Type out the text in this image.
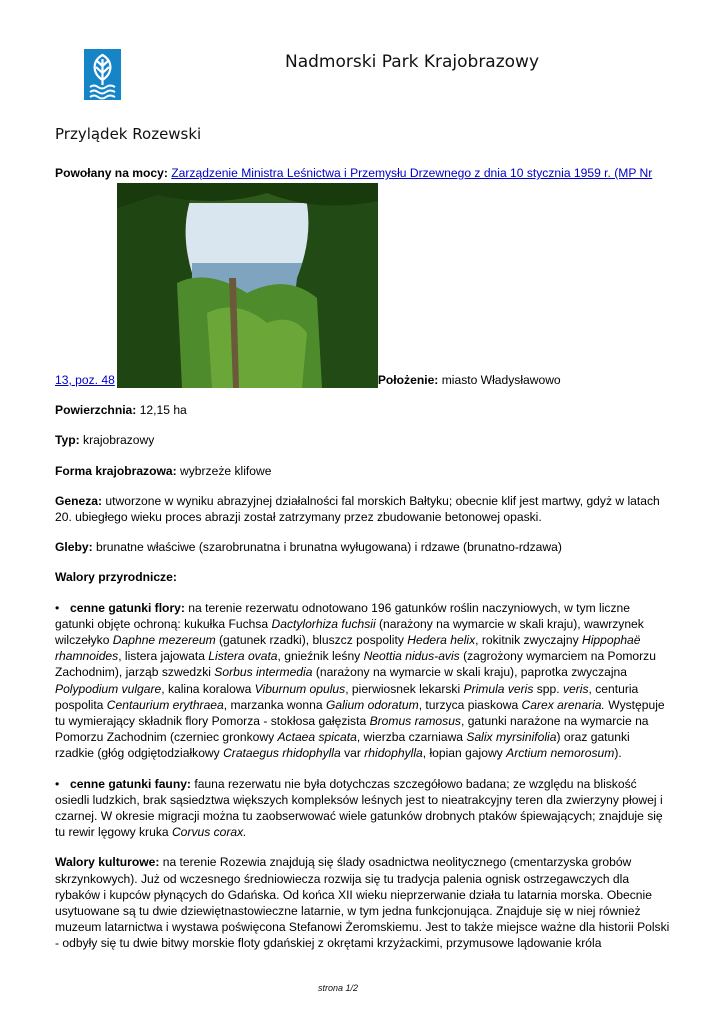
Nadmorski Park Krajobrazowy
Przylądek Rozewski

Powołany na mocy: Zarządzenie Ministra Leśnictwa i Przemysłu Drzewnego z dnia 10 stycznia 1959 r. (MP Nr

13, poz. 48	Położenie: miasto Władysławowo

Powierzchnia: 12,15 ha

Typ: krajobrazowy

Forma krajobrazowa: wybrzeże klifowe

Geneza: utworzone w wyniku abrazyjnej działalności fal morskich Bałtyku; obecnie klif jest martwy, gdyż w latach 20. ubiegłego wieku proces abrazji został zatrzymany przez zbudowanie betonowej opaski.

Gleby: brunatne właściwe (szarobrunatna i brunatna wyługowana) i rdzawe (brunatno-rdzawa)

Walory przyrodnicze:

• cenne gatunki flory: na terenie rezerwatu odnotowano 196 gatunków roślin naczyniowych, w tym liczne gatunki objęte ochroną: kukułka Fuchsa Dactylorhiza fuchsii (narażony na wymarcie w skali kraju), wawrzynek wilczełyko Daphne mezereum (gatunek rzadki), bluszcz pospolity Hedera helix, rokitnik zwyczajny Hippophaë rhamnoides, listera jajowata Listera ovata, gnieźnik leśny Neottia nidus-avis (zagrożony wymarciem na Pomorzu Zachodnim), jarząb szwedzki Sorbus intermedia (narażony na wymarcie w skali kraju), paprotka zwyczajna Polypodium vulgare, kalina koralowa Viburnum opulus, pierwiosnek lekarski Primula veris spp. veris, centuria pospolita Centaurium erythraea, marzanka wonna Galium odoratum, turzyca piaskowa Carex arenaria. Występuje tu wymierający składnik flory Pomorza - stokłosa gałęzista Bromus ramosus, gatunki narażone na wymarcie na Pomorzu Zachodnim (czerniec gronkowy Actaea spicata, wierzba czarniawa Salix myrsinifolia) oraz gatunki rzadkie (głóg odgiętodziałkowy Crataegus rhidophylla var rhidophylla, łopian gajowy Arctium nemorosum).

• cenne gatunki fauny: fauna rezerwatu nie była dotychczas szczegółowo badana; ze względu na bliskość osiedli ludzkich, brak sąsiedztwa większych kompleksów leśnych jest to nieatrakcyjny teren dla zwierzyny płowej i czarnej. W okresie migracji można tu zaobserwować wiele gatunków drobnych ptaków śpiewających; znajduje się tu rewir lęgowy kruka Corvus corax.

Walory kulturowe: na terenie Rozewia znajdują się ślady osadnictwa neolitycznego (cmentarzyska grobów skrzynkowych). Już od wczesnego średniowiecza rozwija się tu tradycja palenia ognisk ostrzegawczych dla rybaków i kupców płynących do Gdańska. Od końca XII wieku nieprzerwanie działa tu latarnia morska. Obecnie usytuowane są tu dwie dziewiętnastowieczne latarnie, w tym jedna funkcjonująca. Znajduje się w niej również muzeum latarnictwa i wystawa poświęcona Stefanowi Żeromskiemu. Jest to także miejsce ważne dla historii Polski - odbyły się tu dwie bitwy morskie floty gdańskiej z okrętami krzyżackimi, przymusowe lądowanie króla

strona 1/2
